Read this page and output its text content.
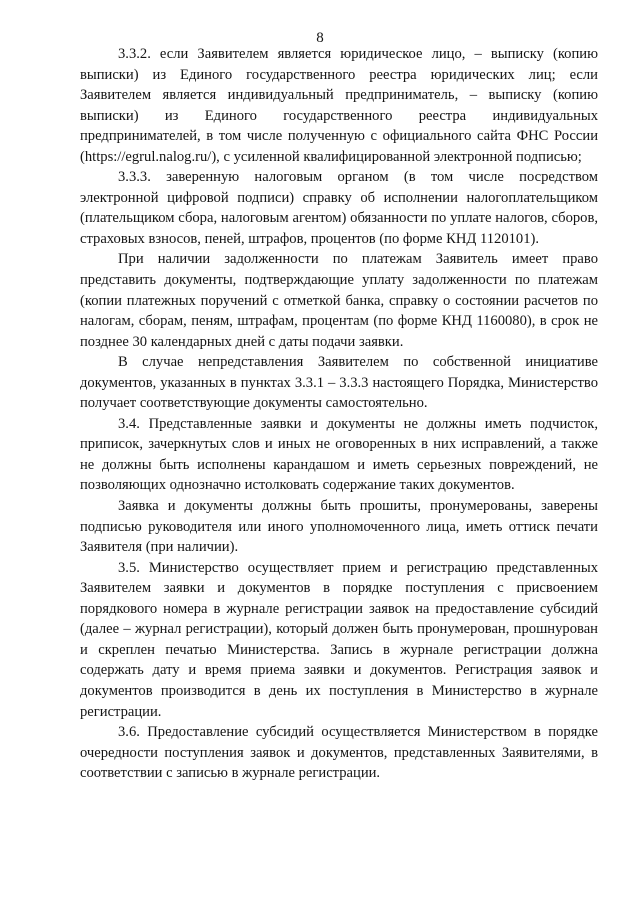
8

3.3.2. если Заявителем является юридическое лицо, – выписку (копию выписки) из Единого государственного реестра юридических лиц; если Заявителем является индивидуальный предприниматель, – выписку (копию выписки) из Единого государственного реестра индивидуальных предпринимателей, в том числе полученную с официального сайта ФНС России (https://egrul.nalog.ru/), с усиленной квалифицированной электронной подписью;

3.3.3. заверенную налоговым органом (в том числе посредством электронной цифровой подписи) справку об исполнении налогоплательщиком (плательщиком сбора, налоговым агентом) обязанности по уплате налогов, сборов, страховых взносов, пеней, штрафов, процентов (по форме КНД 1120101).

При наличии задолженности по платежам Заявитель имеет право представить документы, подтверждающие уплату задолженности по платежам (копии платежных поручений с отметкой банка, справку о состоянии расчетов по налогам, сборам, пеням, штрафам, процентам (по форме КНД 1160080), в срок не позднее 30 календарных дней с даты подачи заявки.

В случае непредставления Заявителем по собственной инициативе документов, указанных в пунктах 3.3.1 – 3.3.3 настоящего Порядка, Министерство получает соответствующие документы самостоятельно.

3.4. Представленные заявки и документы не должны иметь подчисток, приписок, зачеркнутых слов и иных не оговоренных в них исправлений, а также не должны быть исполнены карандашом и иметь серьезных повреждений, не позволяющих однозначно истолковать содержание таких документов.

Заявка и документы должны быть прошиты, пронумерованы, заверены подписью руководителя или иного уполномоченного лица, иметь оттиск печати Заявителя (при наличии).

3.5. Министерство осуществляет прием и регистрацию представленных Заявителем заявки и документов в порядке поступления с присвоением порядкового номера в журнале регистрации заявок на предоставление субсидий (далее – журнал регистрации), который должен быть пронумерован, прошнурован и скреплен печатью Министерства. Запись в журнале регистрации должна содержать дату и время приема заявки и документов. Регистрация заявок и документов производится в день их поступления в Министерство в журнале регистрации.

3.6. Предоставление субсидий осуществляется Министерством в порядке очередности поступления заявок и документов, представленных Заявителями, в соответствии с записью в журнале регистрации.
